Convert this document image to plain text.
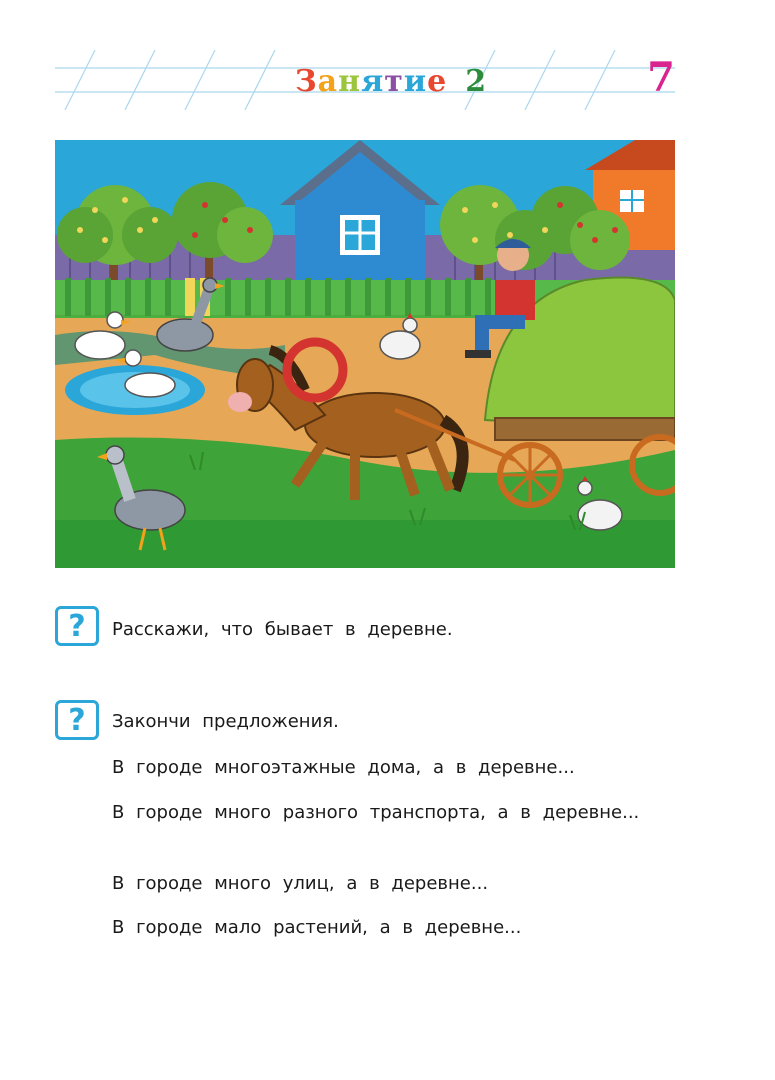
Занятие 2	7
?	Расскажи, что бывает в деревне.
?	Закончи предложения.
В городе многоэтажные дома, а в деревне...
В городе много разного транспорта, а в деревне...
В городе много улиц, а в деревне...
В городе мало растений, а в деревне...
